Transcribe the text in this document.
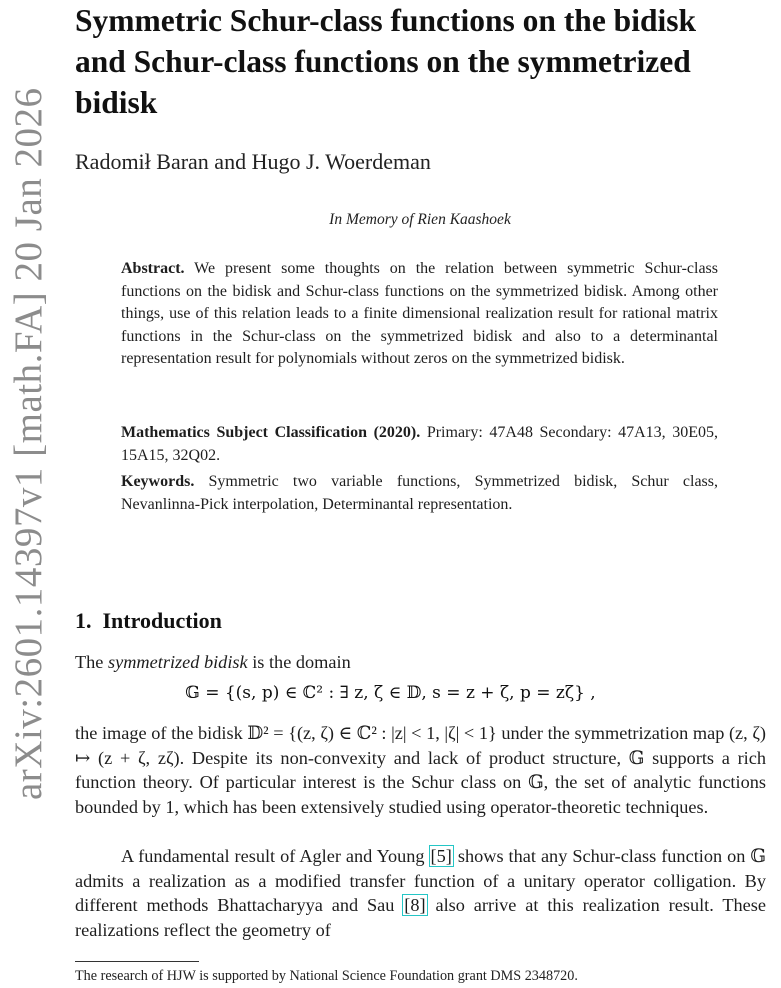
arXiv:2601.14397v1 [math.FA] 20 Jan 2026
Symmetric Schur-class functions on the bidisk
and Schur-class functions on the symmetrized
bidisk
Radomił Baran and Hugo J. Woerdeman
In Memory of Rien Kaashoek
Abstract. We present some thoughts on the relation between symmetric Schur-class functions on the bidisk and Schur-class functions on the symmetrized bidisk. Among other things, use of this relation leads to a finite dimensional realization result for rational matrix functions in the Schur-class on the symmetrized bidisk and also to a determinantal representation result for polynomials without zeros on the symmetrized bidisk.
Mathematics Subject Classification (2020). Primary: 47A48 Secondary: 47A13, 30E05, 15A15, 32Q02.
Keywords. Symmetric two variable functions, Symmetrized bidisk, Schur class, Nevanlinna-Pick interpolation, Determinantal representation.
1. Introduction
The symmetrized bidisk is the domain
𝔾 = {(s, p) ∈ ℂ² : ∃ z, ζ ∈ 𝔻, s = z + ζ, p = zζ} ,
the image of the bidisk 𝔻² = {(z, ζ) ∈ ℂ² : |z| < 1, |ζ| < 1} under the symmetrization map (z, ζ) ↦ (z + ζ, zζ). Despite its non-convexity and lack of product structure, 𝔾 supports a rich function theory. Of particular interest is the Schur class on 𝔾, the set of analytic functions bounded by 1, which has been extensively studied using operator-theoretic techniques.
A fundamental result of Agler and Young [5] shows that any Schur-class function on 𝔾 admits a realization as a modified transfer function of a unitary operator colligation. By different methods Bhattacharyya and Sau [8] also arrive at this realization result. These realizations reflect the geometry of
The research of HJW is supported by National Science Foundation grant DMS 2348720.
